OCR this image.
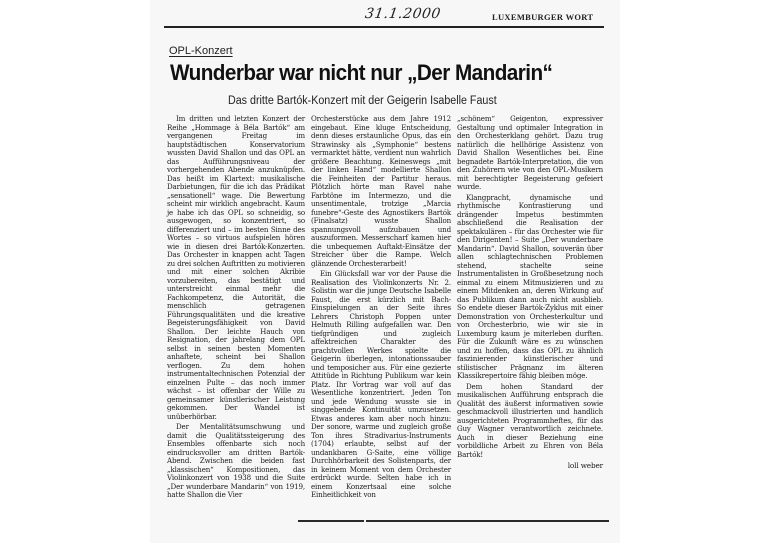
31.1.2000	LUXEMBURGER WORT
OPL-Konzert
Wunderbar war nicht nur „Der Mandarin“
Das dritte Bartók-Konzert mit der Geigerin Isabelle Faust

Im dritten und letzten Konzert der Reihe „Hommage à Béla Bartók“ am vergangenen Freitag im hauptstädtischen Konservatorium wussten David Shallon und das OPL an das Aufführungsniveau der vorhergehenden Abende anzuknüpfen. Das heißt im Klartext: musikalische Darbietungen, für die ich das Prädikat „sensationell“ wage. Die Bewertung scheint mir wirklich angebracht. Kaum je habe ich das OPL so schneidig, so ausgewogen, so konzentriert, so differenziert und – im besten Sinne des Wortes – so virtuos aufspielen hören wie in diesen drei Bartók-Konzerten. Das Orchester in knappen acht Tagen zu drei solchen Auftritten zu motivieren und mit einer solchen Akribie vorzubereiten, das bestätigt und unterstreicht einmal mehr die Fachkompetenz, die Autorität, die menschlich getragenen Führungsqualitäten und die kreative Begeisterungsfähigkeit von David Shallon. Der leichte Hauch von Resignation, der jahrelang dem OPL selbst in seinen besten Momenten anhaftete, scheint bei Shallon verflogen. Zu dem hohen instrumentaltechnischen Potenzial der einzelnen Pulte – das noch immer wächst – ist offenbar der Wille zu gemeinsamer künstlerischer Leistung gekommen. Der Wandel ist unüberhörbar.

Der Mentalitätsumschwung und damit die Qualitätssteigerung des Ensembles offenbarte sich noch eindrucksvoller am dritten Bartók-Abend. Zwischen die beiden fast „klassischen“ Kompositionen, das Violinkonzert von 1938 und die Suite „Der wunderbare Mandarin“ von 1919, hatte Shallon die Vier

Orchesterstücke aus dem Jahre 1912 eingebaut. Eine kluge Entscheidung, denn dieses erstaunliche Opus, das ein Strawinsky als „Symphonie“ bestens vermarktet hätte, verdient nun wahrlich größere Beachtung. Keineswegs „mit der linken Hand“ modellierte Shallon die Feinheiten der Partitur heraus. Plötzlich hörte man Ravel nahe Farbtöne im Intermezzo, und die unsentimentale, trotzige „Marcia funebre“-Geste des Agnostikers Bartók (Finalsatz) wusste Shallon spannungsvoll aufzubauen und auszuformen. Messerscharf kamen hier die unbequemen Auftakt-Einsätze der Streicher über die Rampe. Welch glänzende Orchesterarbeit!

Ein Glücksfall war vor der Pause die Realisation des Violinkonzerts Nr. 2. Solistin war die junge Deutsche Isabelle Faust, die erst kürzlich mit Bach-Einspielungen an der Seite ihres Lehrers Christoph Poppen unter Helmuth Rilling aufgefallen war. Den tiefgründigen und zugleich affektreichen Charakter des prachtvollen Werkes spielte die Geigerin überlegen, intonationssauber und temposicher aus. Für eine gezierte Attitüde in Richtung Publikum war kein Platz. Ihr Vortrag war voll auf das Wesentliche konzentriert. Jeden Ton und jede Wendung wusste sie in singgebende Kontinuität umzusetzen. Etwas anderes kam aber noch hinzu: Der sonore, warme und zugleich große Ton ihres Stradivarius-Instruments (1704) erlaubte, selbst auf der undankbaren G-Saite, eine völlige Durchhörbarkeit des Solistenparts, der in keinem Moment von dem Orchester erdrückt wurde. Selten habe ich in einem Konzertsaal eine solche Einheitlichkeit von

„schönem“ Geigenton, expressiver Gestaltung und optimaler Integration in den Orchesterklang gehört. Dazu trug natürlich die hellhörige Assistenz von David Shallon Wesentliches bei. Eine begnadete Bartók-Interpretation, die von den Zuhörern wie von den OPL-Musikern mit berechtigter Begeisterung gefeiert wurde.

Klangpracht, dynamische und rhythmische Kontrastierung und drängender Impetus bestimmten abschließend die Realisation der spektakulären – für das Orchester wie für den Dirigenten! – Suite „Der wunderbare Mandarin“. David Shallon, souverän über allen schlagtechnischen Problemen stehend, stachelte seine Instrumentalisten in Großbesetzung noch einmal zu einem Mitmusizieren und zu einem Mitdenken an, deren Wirkung auf das Publikum dann auch nicht ausblieb. So endete dieser Bartók-Zyklus mit einer Demonstration von Orchesterkultur und von Orchesterbrio, wie wir sie in Luxemburg kaum je miterleben durften. Für die Zukunft wäre es zu wünschen und zu hoffen, dass das OPL zu ähnlich faszinierender künstlerischer und stilistischer Prägnanz im älteren Klassikrepertoire fähig bleiben möge.

Dem hohen Standard der musikalischen Aufführung entsprach die Qualität des äußerst informativen sowie geschmackvoll illustrierten und handlich ausgerichteten Programmheftes, für das Guy Wagner verantwortlich zeichnete. Auch in dieser Beziehung eine vorbildliche Arbeit zu Ehren von Béla Bartók!

loll weber
